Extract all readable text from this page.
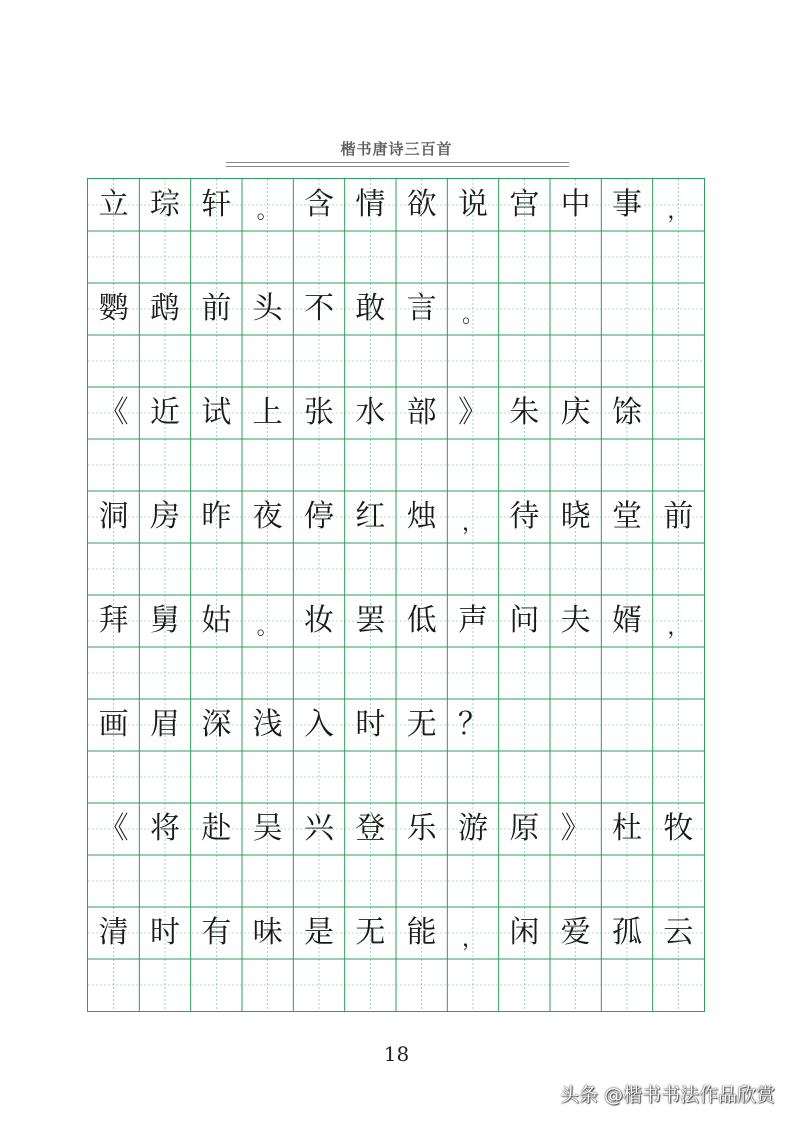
楷书唐诗三百首
立 琮 轩	。 含 情 欲 说 宫 中 事	，
鹦 鹉 前 头 不 敢 言	。
《 近 试 上 张 水 部 》 朱 庆 馀
洞 房 昨 夜 停 红 烛	， 待 晓 堂 前
拜 舅 姑	。 妆 罢 低 声 问 夫 婿	，
画 眉 深 浅 入 时 无 ？
《 将 赴 吴 兴 登 乐 游 原 》 杜 牧
清 时 有 味 是 无 能	， 闲 爱 孤 云
18
头条 @楷书书法作品欣赏
